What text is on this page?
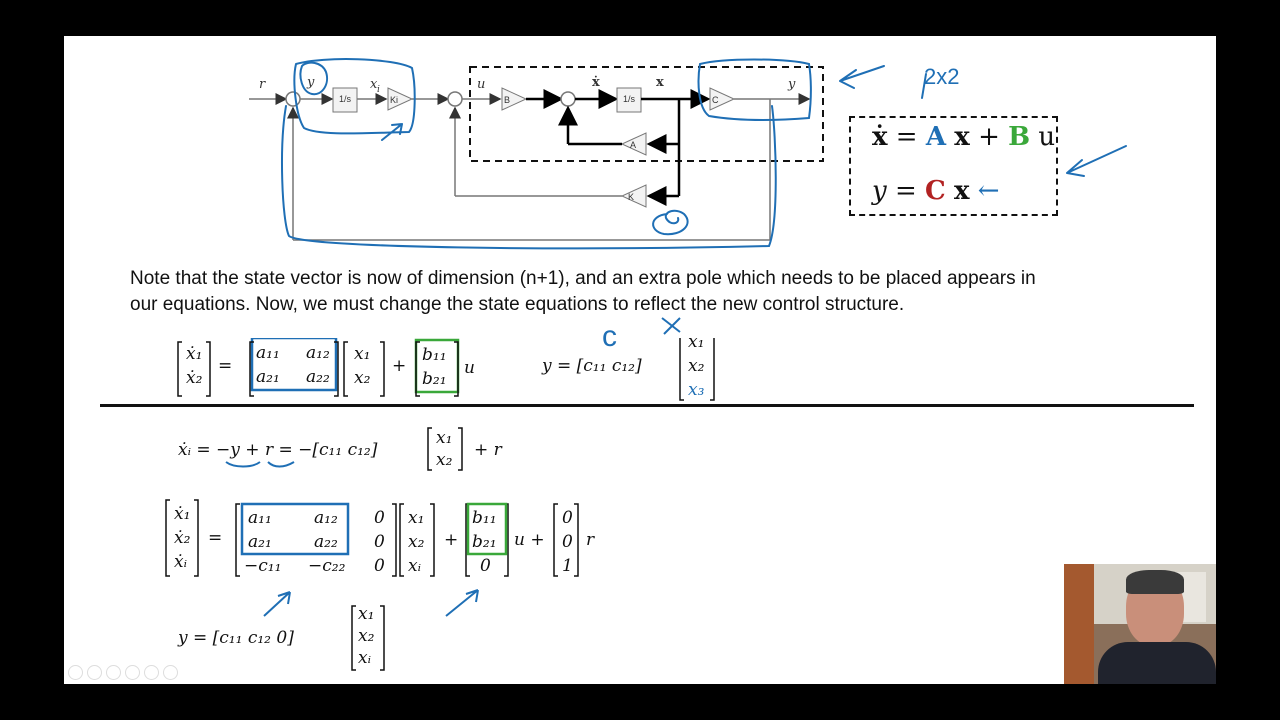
2x2
r	x i	u	ẋ	x	y
y
1/s	1/s
B	C
A
K
Ki
ẋ = A x + B u
y = C x ←
Note that the state vector is now of dimension (n+1), and an extra pole which needs to be placed appears in
our equations. Now, we must change the state equations to reflect the new control structure.
ẋ₁
ẋ₂
=
a₁₁ a₁₂
a₂₁ a₂₂
x₁
x₂
+
b₁₁
b₂₁
u	y = [c₁₁ c₁₂]
x₁
x₂
x₃
c
ẋᵢ = −y + r = −[c₁₁ c₁₂]
x₁
x₂ + r
ẋ₁
ẋ₂
ẋᵢ
=
a₁₁ a₁₂ 0
a₂₁ a₂₂ 0
−c₁₁ −c₂₂ 0
x₁
x₂
xᵢ
+
b₁₁
b₂₁
0
u +
0
0
1
r
y = [c₁₁ c₁₂ 0]
x₁
x₂
xᵢ
